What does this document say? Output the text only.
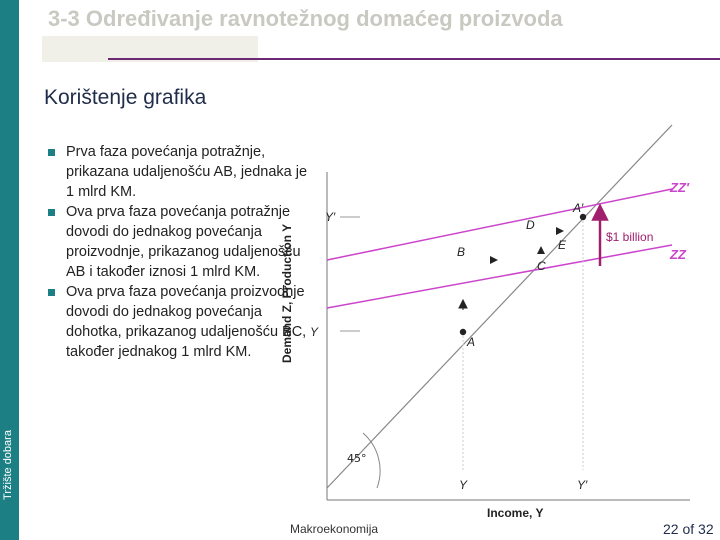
Tržište dobara
3-3 Određivanje ravnotežnog domaćeg proizvoda
Korištenje grafika
Prva faza povećanja potražnje, prikazana udaljenošću AB, jednaka je 1 mlrd KM.
Ova prva faza povećanja potražnje dovodi do jednakog povećanja proizvodnje, prikazanog udaljenošću AB i također iznosi 1 mlrd KM.
Ova prva faza povećanja proizvodnje dovodi do jednakog povećanja dohotka, prikazanog udaljenošću BC, također jednakog 1 mlrd KM.
45°
ZZ′
ZZ
$1 billion
A
A′
B
C
D
E
Y′
Y
Y	Y′
Income, Y
Demand Z, Production Y
Makroekonomija	22 of 32
